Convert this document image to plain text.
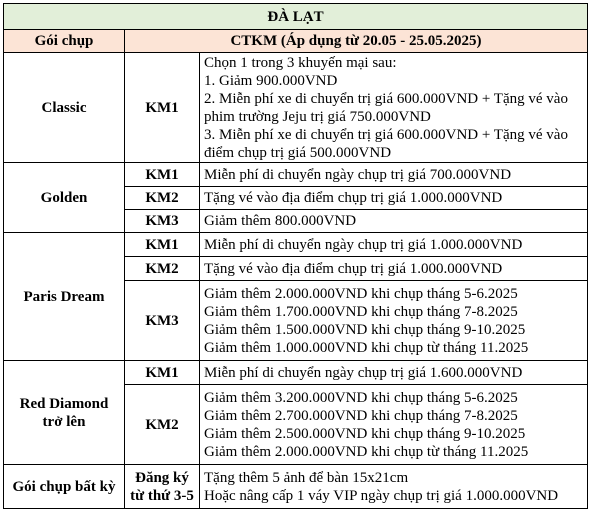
ĐÀ LẠT		
Gói chụp	CTKM (Áp dụng từ 20.05 - 25.05.2025)	
Classic	KM1	Chọn 1 trong 3 khuyến mại sau:
1. Giảm 900.000VND
2. Miễn phí xe di chuyển trị giá 600.000VND + Tặng vé vào phim trường Jeju trị giá 750.000VND
3. Miễn phí xe di chuyển trị giá 600.000VND + Tặng vé vào điểm chụp trị giá 500.000VND

Golden	KM1	Miễn phí di chuyển ngày chụp trị giá 700.000VND

	KM2	Tặng vé vào địa điểm chụp trị giá 1.000.000VND

	KM3	Giảm thêm 800.000VND

Paris Dream	KM1	Miễn phí di chuyển ngày chụp trị giá 1.000.000VND

	KM2	Tặng vé vào địa điểm chụp trị giá 1.000.000VND

	KM3	Giảm thêm 2.000.000VND khi chụp tháng 5-6.2025
Giảm thêm 1.700.000VND khi chụp tháng 7-8.2025
Giảm thêm 1.500.000VND khi chụp tháng 9-10.2025
Giảm thêm 1.000.000VND khi chụp từ tháng 11.2025

Red Diamond trở lên	KM1	Miễn phí di chuyển ngày chụp trị giá 1.600.000VND

	KM2	Giảm thêm 3.200.000VND khi chụp tháng 5-6.2025
Giảm thêm 2.700.000VND khi chụp tháng 7-8.2025
Giảm thêm 2.500.000VND khi chụp tháng 9-10.2025
Giảm thêm 2.000.000VND khi chụp từ tháng 11.2025

Gói chụp bất kỳ	Đăng ký từ thứ 3-5	Tặng thêm 5 ảnh để bàn 15x21cm
Hoặc nâng cấp 1 váy VIP ngày chụp trị giá 1.000.000VND
